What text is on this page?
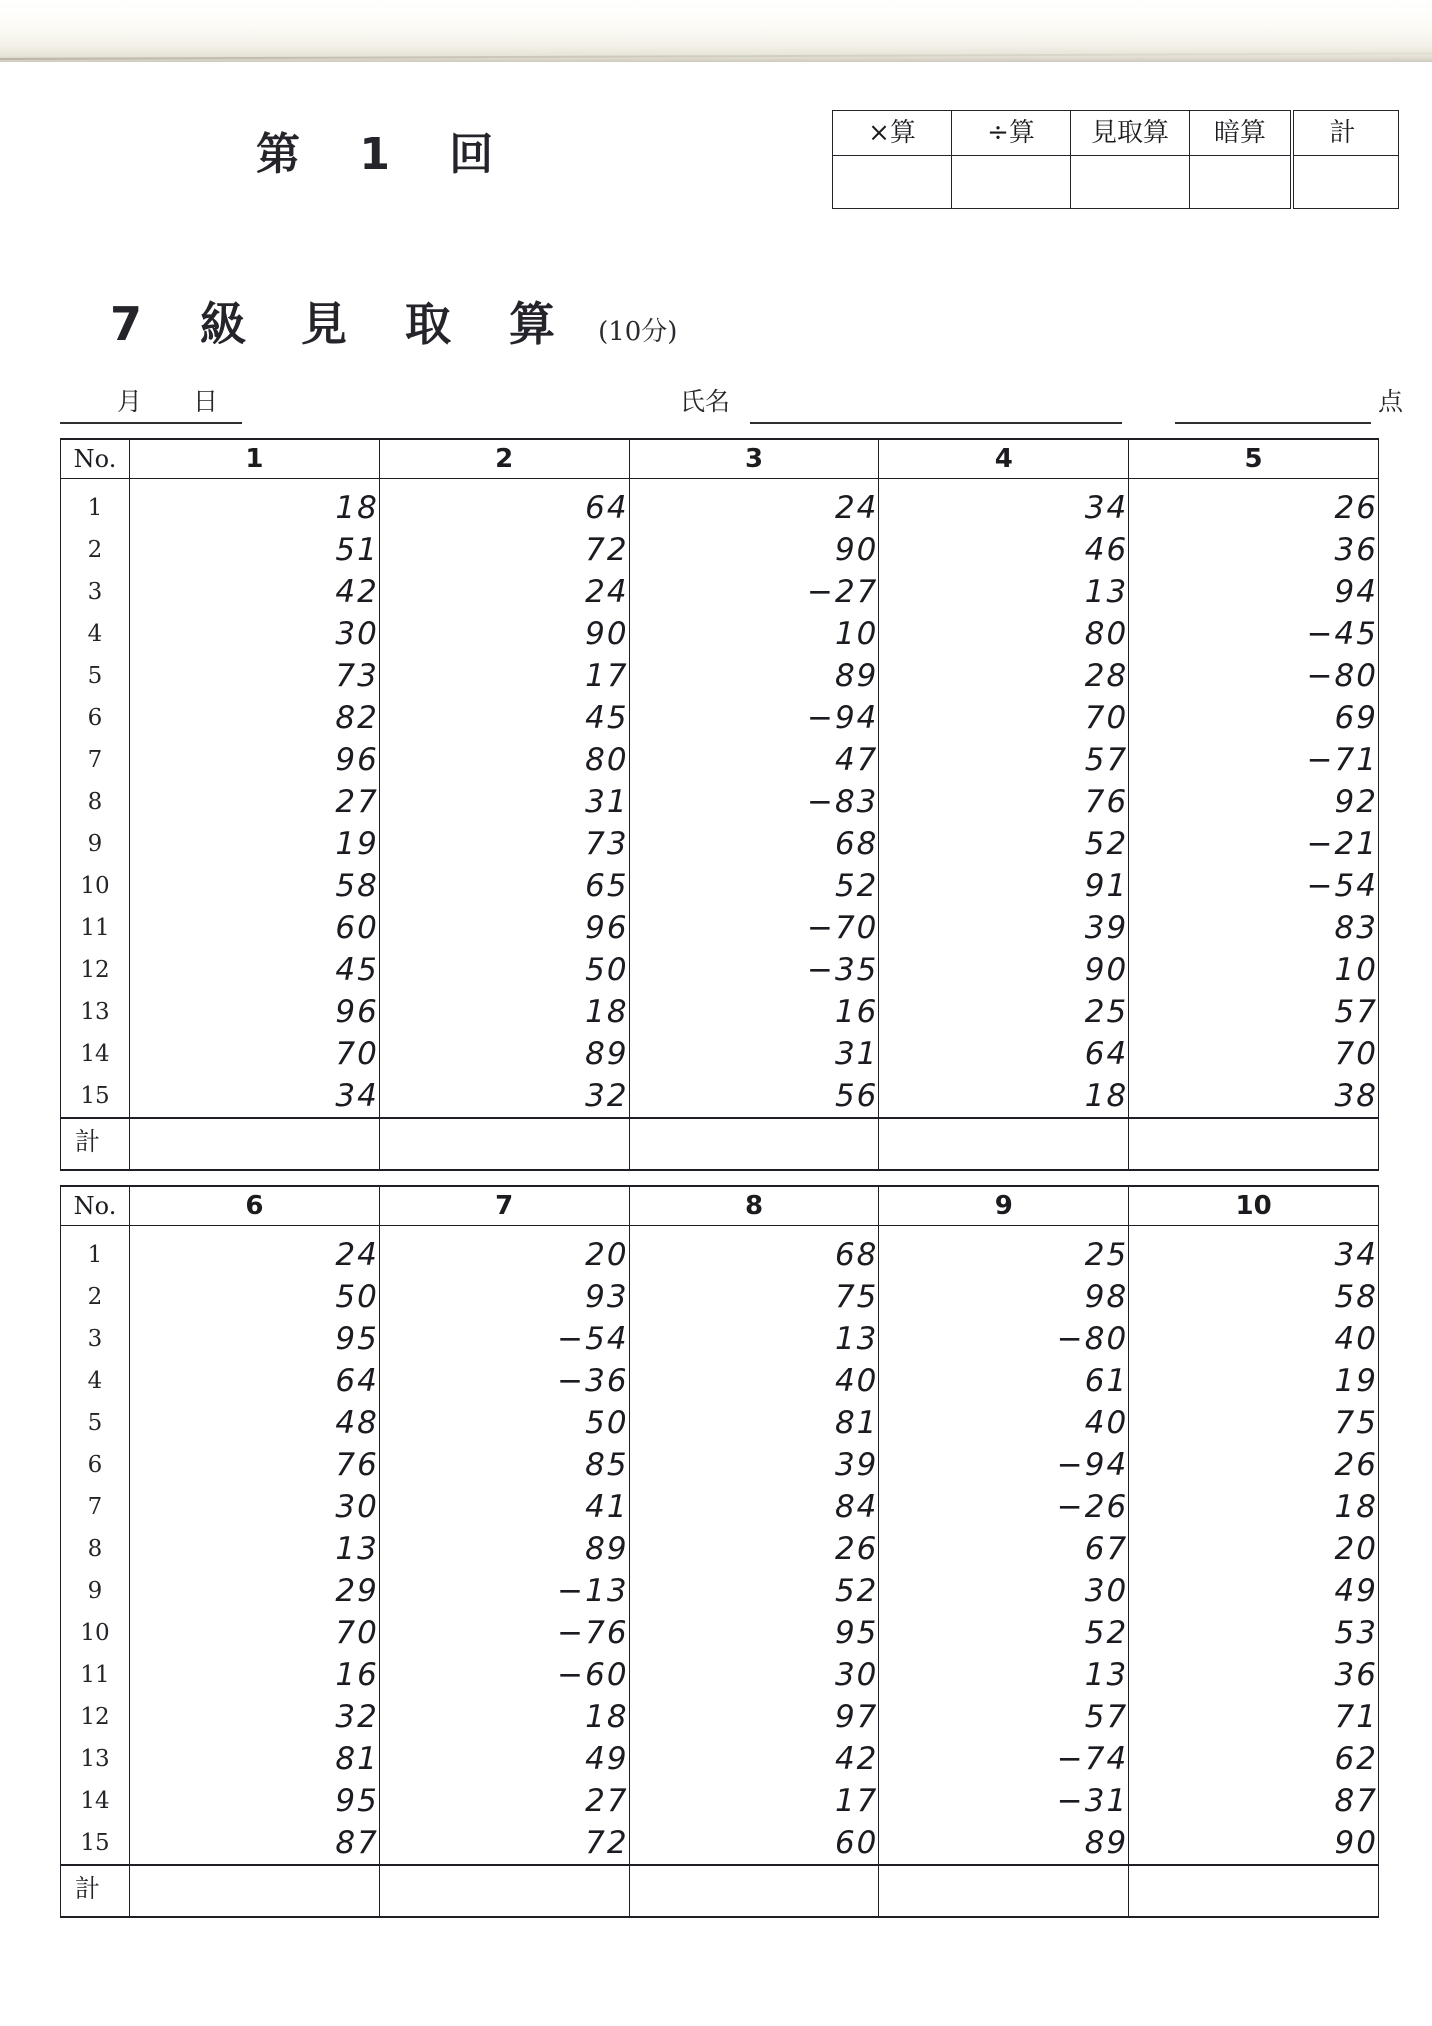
第 1 回	×算	÷算	見取算	暗算	計

7 級 見 取 算 (10分)
月 日	氏名	点
No.	1	2	3	4	5
1	18	64	24	34	26
2	51	72	90	46	36
3	42	24	−27	13	94
4	30	90	10	80	−45
5	73	17	89	28	−80
6	82	45	−94	70	69
7	96	80	47	57	−71
8	27	31	−83	76	92
9	19	73	68	52	−21
10	58	65	52	91	−54
11	60	96	−70	39	83
12	45	50	−35	90	10
13	96	18	16	25	57
14	70	89	31	64	70
15	34	32	56	18	38
計					
No.	6	7	8	9	10
1	24	20	68	25	34
2	50	93	75	98	58
3	95	−54	13	−80	40
4	64	−36	40	61	19
5	48	50	81	40	75
6	76	85	39	−94	26
7	30	41	84	−26	18
8	13	89	26	67	20
9	29	−13	52	30	49
10	70	−76	95	52	53
11	16	−60	30	13	36
12	32	18	97	57	71
13	81	49	42	−74	62
14	95	27	17	−31	87
15	87	72	60	89	90
計					
